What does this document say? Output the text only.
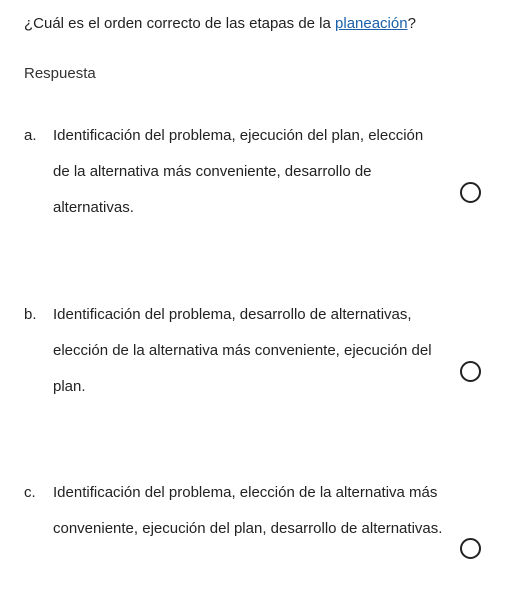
¿Cuál es el orden correcto de las etapas de la planeación?
Respuesta
a. Identificación del problema, ejecución del plan, elección de la alternativa más conveniente, desarrollo de alternativas.
b. Identificación del problema, desarrollo de alternativas, elección de la alternativa más conveniente, ejecución del plan.
c. Identificación del problema, elección de la alternativa más conveniente, ejecución del plan, desarrollo de alternativas.
